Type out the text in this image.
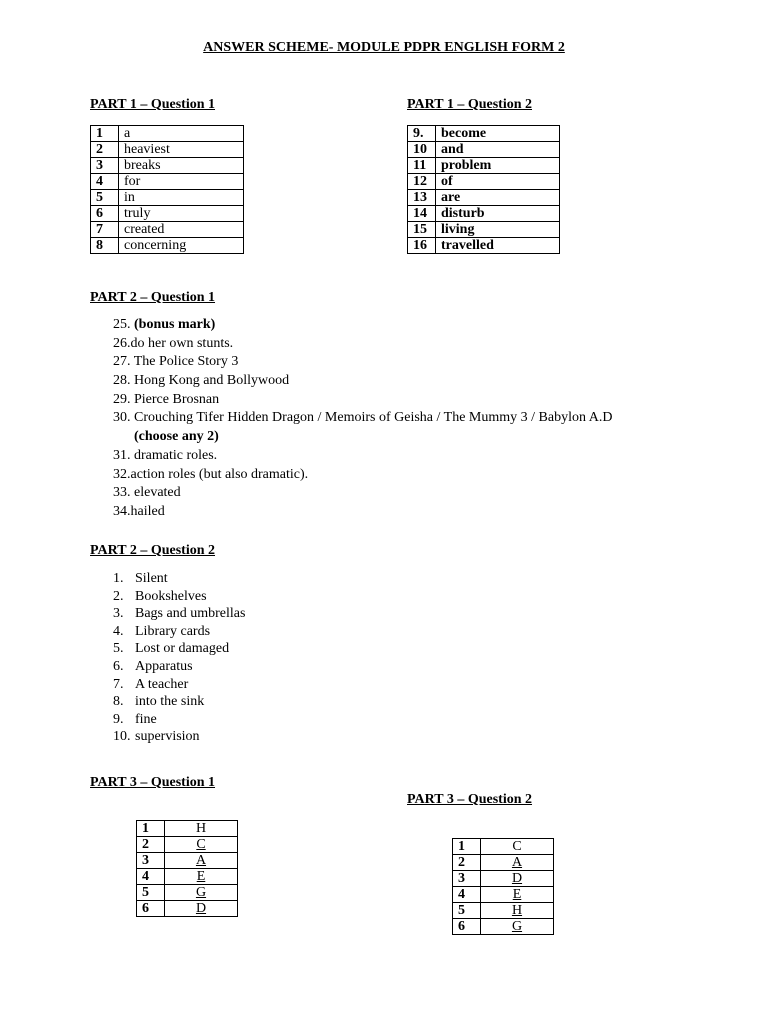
ANSWER SCHEME- MODULE PDPR ENGLISH FORM 2
PART 1 – Question 1
1	a
2	heaviest
3	breaks
4	for
5	in
6	truly
7	created
8	concerning
PART 1 – Question 2
9.	become
10	and
11	problem
12	of
13	are
14	disturb
15	living
16	travelled
PART 2 – Question 1
25. (bonus mark)
26.do her own stunts.
27. The Police Story 3
28. Hong Kong and Bollywood
29. Pierce Brosnan
30. Crouching Tifer Hidden Dragon / Memoirs of Geisha / The Mummy 3 / Babylon A.D
(choose any 2)
31. dramatic roles.
32.action roles (but also dramatic).
33. elevated
34.hailed
PART 2 – Question 2
1. Silent
2. Bookshelves
3. Bags and umbrellas
4. Library cards
5. Lost or damaged
6. Apparatus
7. A teacher
8. into the sink
9. fine
10. supervision
PART 3 – Question 1
1	H
2	C
3	A
4	E
5	G
6	D
PART 3 – Question 2
1	C
2	A
3	D
4	E
5	H
6	G
